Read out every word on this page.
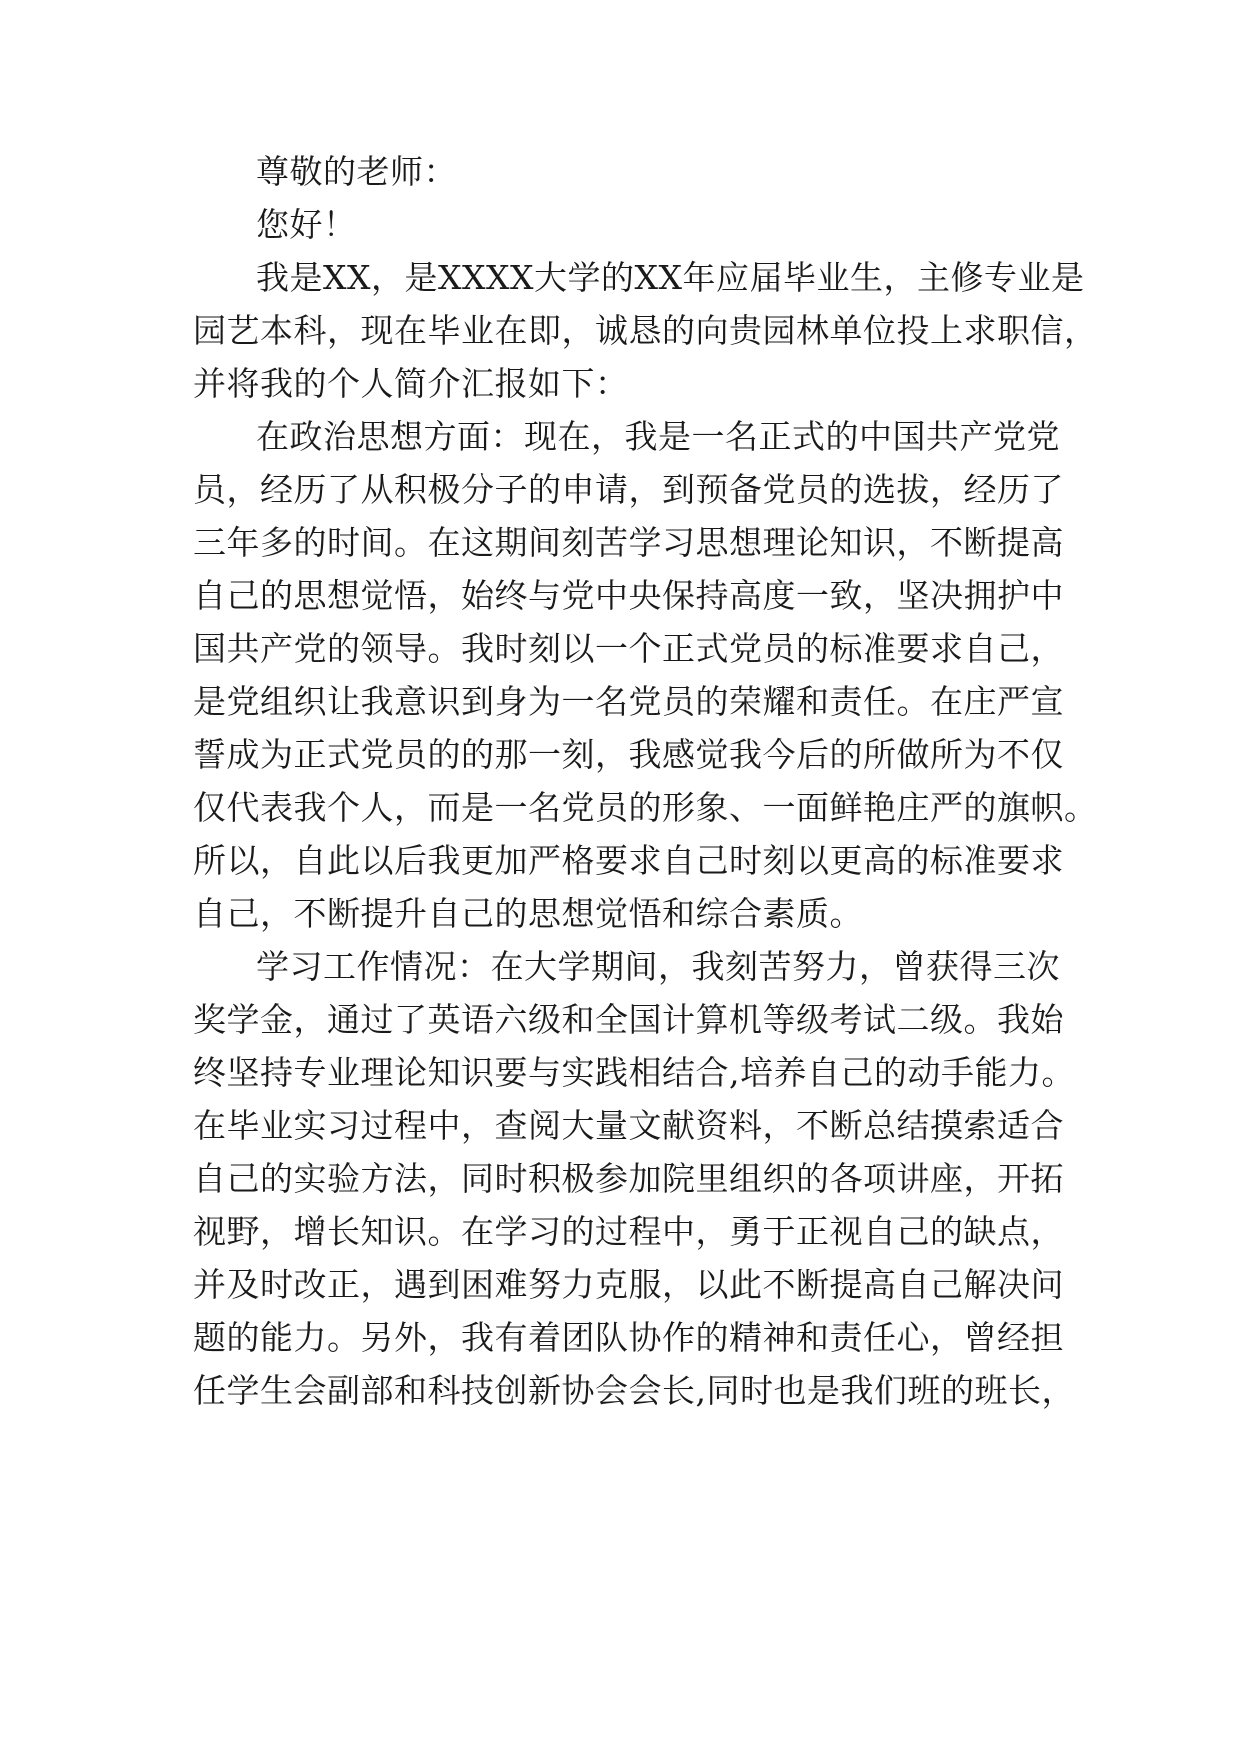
尊敬的老师：
您好！
我是XX，是XXXX大学的XX年应届毕业生，主修专业是
园艺本科，现在毕业在即，诚恳的向贵园林单位投上求职信，
并将我的个人简介汇报如下：
在政治思想方面：现在，我是一名正式的中国共产党党
员，经历了从积极分子的申请，到预备党员的选拔，经历了
三年多的时间。在这期间刻苦学习思想理论知识，不断提高
自己的思想觉悟，始终与党中央保持高度一致，坚决拥护中
国共产党的领导。我时刻以一个正式党员的标准要求自己，
是党组织让我意识到身为一名党员的荣耀和责任。在庄严宣
誓成为正式党员的的那一刻，我感觉我今后的所做所为不仅
仅代表我个人，而是一名党员的形象、一面鲜艳庄严的旗帜。
所以，自此以后我更加严格要求自己时刻以更高的标准要求
自己，不断提升自己的思想觉悟和综合素质。
学习工作情况：在大学期间，我刻苦努力，曾获得三次
奖学金，通过了英语六级和全国计算机等级考试二级。我始
终坚持专业理论知识要与实践相结合,培养自己的动手能力。
在毕业实习过程中，查阅大量文献资料，不断总结摸索适合
自己的实验方法，同时积极参加院里组织的各项讲座，开拓
视野，增长知识。在学习的过程中，勇于正视自己的缺点，
并及时改正，遇到困难努力克服，以此不断提高自己解决问
题的能力。另外，我有着团队协作的精神和责任心，曾经担
任学生会副部和科技创新协会会长,同时也是我们班的班长，
